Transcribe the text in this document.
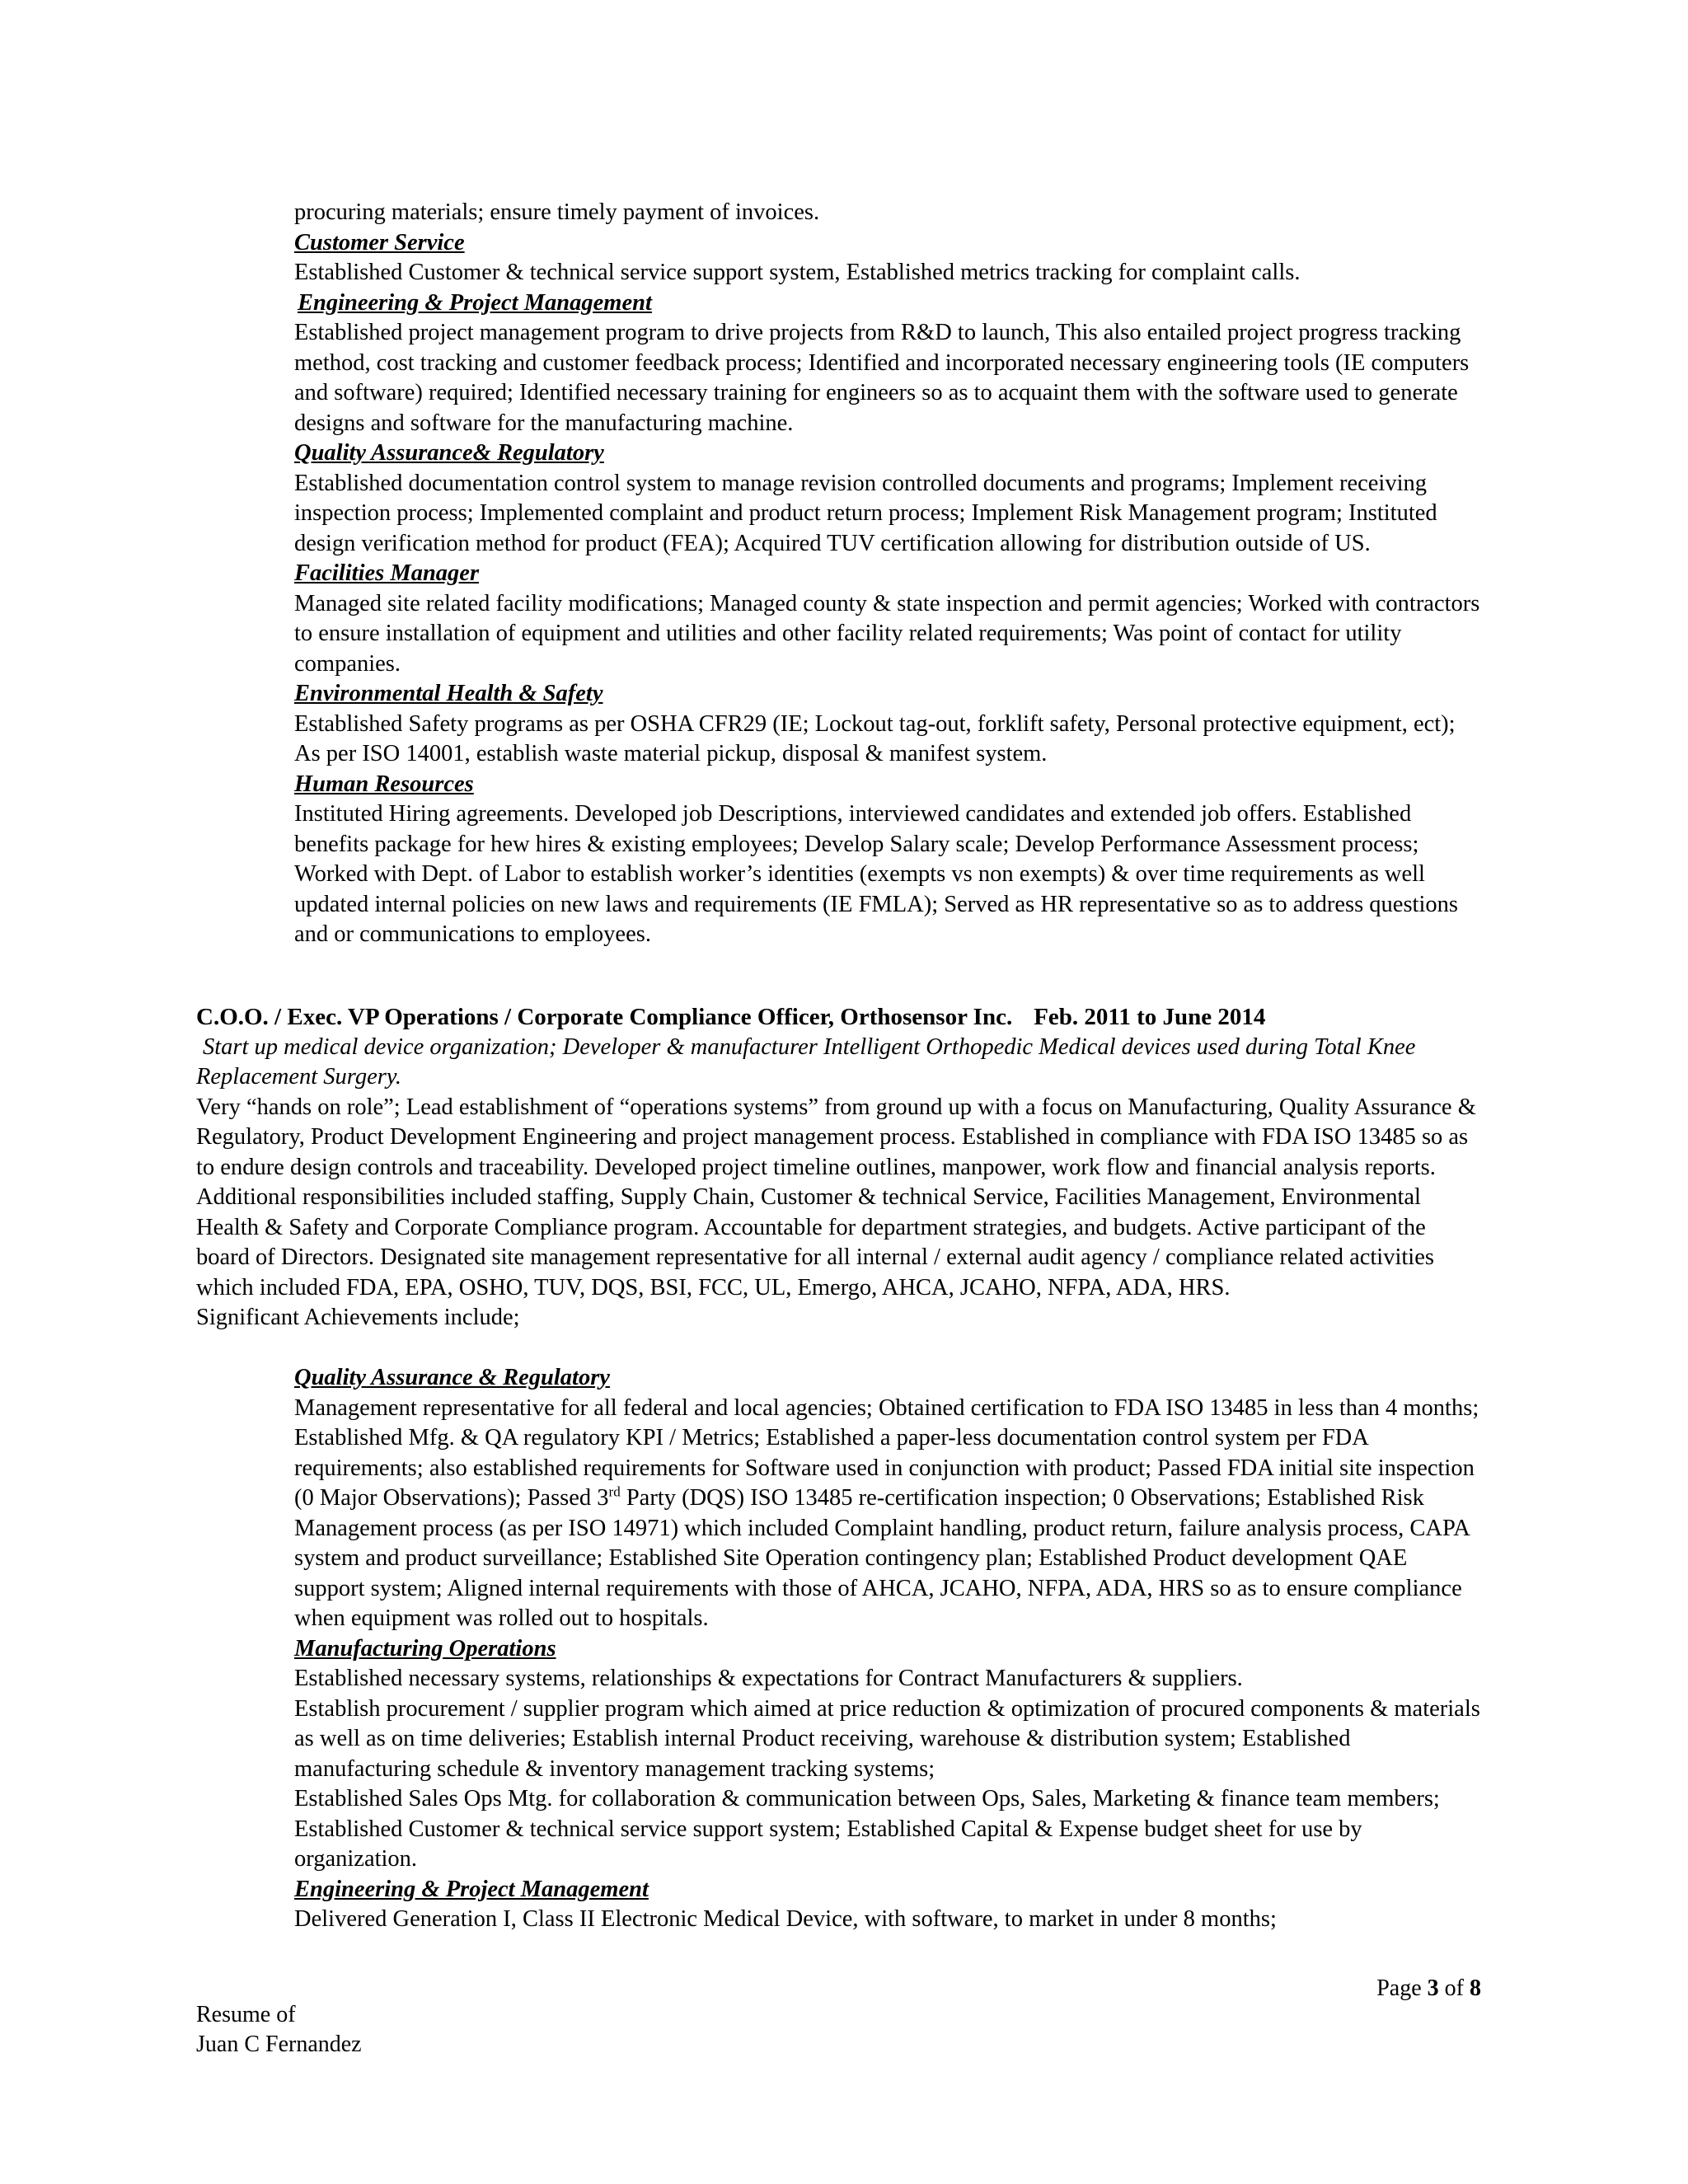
procuring materials; ensure timely payment of invoices.

Customer Service

Established Customer & technical service support system, Established metrics tracking for complaint calls.

Engineering & Project Management

Established project management program to drive projects from R&D to launch, This also entailed project progress tracking method, cost tracking and customer feedback process; Identified and incorporated necessary engineering tools (IE computers and software) required; Identified necessary training for engineers so as to acquaint them with the software used to generate designs and software for the manufacturing machine.

Quality Assurance& Regulatory

Established documentation control system to manage revision controlled documents and programs; Implement receiving inspection process; Implemented complaint and product return process; Implement Risk Management program; Instituted design verification method for product (FEA); Acquired TUV certification allowing for distribution outside of US.

Facilities Manager

Managed site related facility modifications; Managed county & state inspection and permit agencies; Worked with contractors to ensure installation of equipment and utilities and other facility related requirements; Was point of contact for utility companies.

Environmental Health & Safety

Established Safety programs as per OSHA CFR29 (IE; Lockout tag-out, forklift safety, Personal protective equipment, ect); As per ISO 14001, establish waste material pickup, disposal & manifest system.

Human Resources

Instituted Hiring agreements. Developed job Descriptions, interviewed candidates and extended job offers. Established benefits package for hew hires & existing employees; Develop Salary scale; Develop Performance Assessment process; Worked with Dept. of Labor to establish worker’s identities (exempts vs non exempts) & over time requirements as well updated internal policies on new laws and requirements (IE FMLA); Served as HR representative so as to address questions and or communications to employees.

C.O.O. / Exec. VP Operations / Corporate Compliance Officer, Orthosensor Inc. Feb. 2011 to June 2014

Start up medical device organization; Developer & manufacturer Intelligent Orthopedic Medical devices used during Total Knee Replacement Surgery.

Very “hands on role”; Lead establishment of “operations systems” from ground up with a focus on Manufacturing, Quality Assurance & Regulatory, Product Development Engineering and project management process. Established in compliance with FDA ISO 13485 so as to endure design controls and traceability. Developed project timeline outlines, manpower, work flow and financial analysis reports. Additional responsibilities included staffing, Supply Chain, Customer & technical Service, Facilities Management, Environmental Health & Safety and Corporate Compliance program. Accountable for department strategies, and budgets. Active participant of the board of Directors. Designated site management representative for all internal / external audit agency / compliance related activities which included FDA, EPA, OSHO, TUV, DQS, BSI, FCC, UL, Emergo, AHCA, JCAHO, NFPA, ADA, HRS.

Significant Achievements include;

Quality Assurance & Regulatory

Management representative for all federal and local agencies; Obtained certification to FDA ISO 13485 in less than 4 months; Established Mfg. & QA regulatory KPI / Metrics; Established a paper-less documentation control system per FDA requirements; also established requirements for Software used in conjunction with product; Passed FDA initial site inspection (0 Major Observations); Passed 3rd Party (DQS) ISO 13485 re-certification inspection; 0 Observations; Established Risk Management process (as per ISO 14971) which included Complaint handling, product return, failure analysis process, CAPA system and product surveillance; Established Site Operation contingency plan; Established Product development QAE support system; Aligned internal requirements with those of AHCA, JCAHO, NFPA, ADA, HRS so as to ensure compliance when equipment was rolled out to hospitals.

Manufacturing Operations

Established necessary systems, relationships & expectations for Contract Manufacturers & suppliers.

Establish procurement / supplier program which aimed at price reduction & optimization of procured components & materials as well as on time deliveries; Establish internal Product receiving, warehouse & distribution system; Established manufacturing schedule & inventory management tracking systems;

Established Sales Ops Mtg. for collaboration & communication between Ops, Sales, Marketing & finance team members; Established Customer & technical service support system; Established Capital & Expense budget sheet for use by organization.

Engineering & Project Management

Delivered Generation I, Class II Electronic Medical Device, with software, to market in under 8 months;

Page 3 of 8
Resume of
Juan C Fernandez
